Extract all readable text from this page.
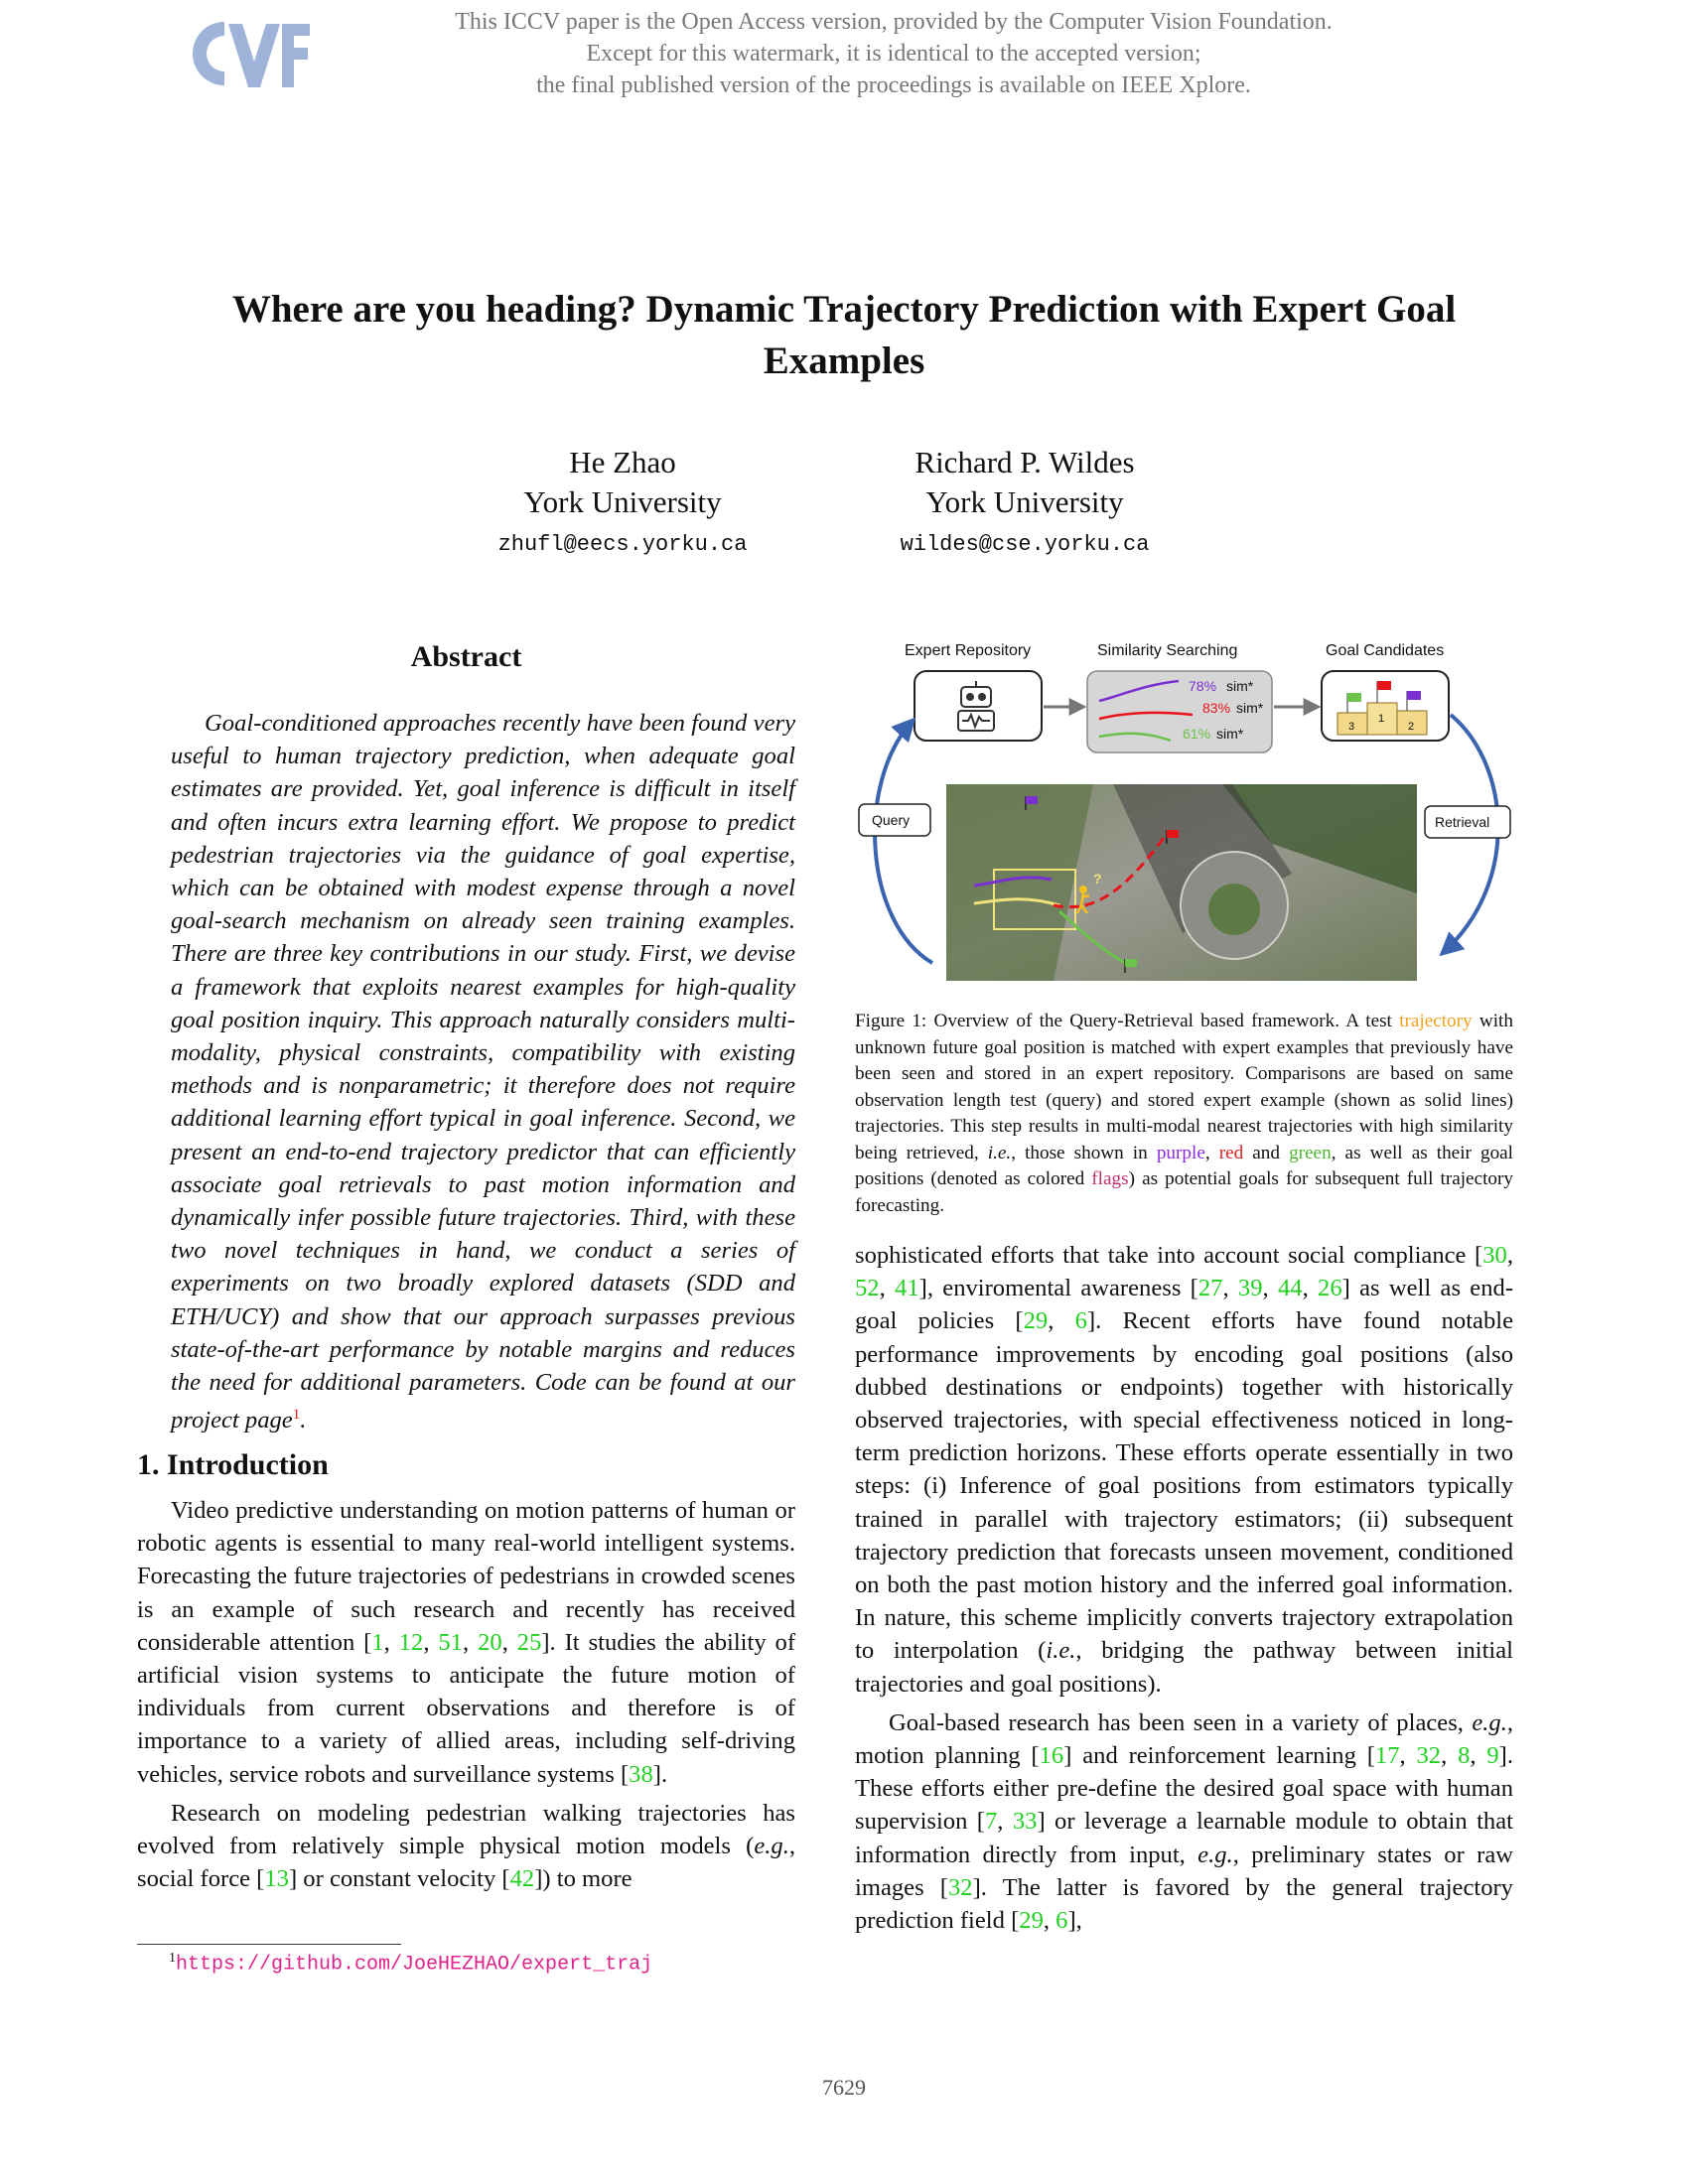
This ICCV paper is the Open Access version, provided by the Computer Vision Foundation.
Except for this watermark, it is identical to the accepted version;
the final published version of the proceedings is available on IEEE Xplore.
Where are you heading? Dynamic Trajectory Prediction with Expert Goal
Examples
He Zhao
York University
zhufl@eecs.yorku.ca
Richard P. Wildes
York University
wildes@cse.yorku.ca
Abstract

Goal-conditioned approaches recently have been found very useful to human trajectory prediction, when adequate goal estimates are provided. Yet, goal inference is difficult in itself and often incurs extra learning effort. We propose to predict pedestrian trajectories via the guidance of goal expertise, which can be obtained with modest expense through a novel goal-search mechanism on already seen training examples. There are three key contributions in our study. First, we devise a framework that exploits nearest examples for high-quality goal position inquiry. This approach naturally considers multi-modality, physical constraints, compatibility with existing methods and is nonparametric; it therefore does not require additional learning effort typical in goal inference. Second, we present an end-to-end trajectory predictor that can efficiently associate goal retrievals to past motion information and dynamically infer possible future trajectories. Third, with these two novel techniques in hand, we conduct a series of experiments on two broadly explored datasets (SDD and ETH/UCY) and show that our approach surpasses previous state-of-the-art performance by notable margins and reduces the need for additional parameters. Code can be found at our project page$^1$.

1. Introduction

Video predictive understanding on motion patterns of human or robotic agents is essential to many real-world intelligent systems. Forecasting the future trajectories of pedestrians in crowded scenes is an example of such research and recently has received considerable attention [1, 12, 51, 20, 25]. It studies the ability of artificial vision systems to anticipate the future motion of individuals from current observations and therefore is of importance to a variety of allied areas, including self-driving vehicles, service robots and surveillance systems [38].

Research on modeling pedestrian walking trajectories has evolved from relatively simple physical motion models (e.g., social force [13] or constant velocity [42]) to more

$^1$https://github.com/JoeHEZHAO/expert_traj
Expert Repository	Similarity Searching	Goal Candidates
78% sim*
83% sim*
61% sim*	3
1
2
Query	Retrieval
?
Figure 1: Overview of the Query-Retrieval based framework. A test trajectory with unknown future goal position is matched with expert examples that previously have been seen and stored in an expert repository. Comparisons are based on same observation length test (query) and stored expert example (shown as solid lines) trajectories. This step results in multi-modal nearest trajectories with high similarity being retrieved, i.e., those shown in purple, red and green, as well as their goal positions (denoted as colored flags) as potential goals for subsequent full trajectory forecasting.

sophisticated efforts that take into account social compliance [30, 52, 41], enviromental awareness [27, 39, 44, 26] as well as end-goal policies [29, 6]. Recent efforts have found notable performance improvements by encoding goal positions (also dubbed destinations or endpoints) together with historically observed trajectories, with special effectiveness noticed in long-term prediction horizons. These efforts operate essentially in two steps: (i) Inference of goal positions from estimators typically trained in parallel with trajectory estimators; (ii) subsequent trajectory prediction that forecasts unseen movement, conditioned on both the past motion history and the inferred goal information. In nature, this scheme implicitly converts trajectory extrapolation to interpolation (i.e., bridging the pathway between initial trajectories and goal positions).

Goal-based research has been seen in a variety of places, e.g., motion planning [16] and reinforcement learning [17, 32, 8, 9]. These efforts either pre-define the desired goal space with human supervision [7, 33] or leverage a learnable module to obtain that information directly from input, e.g., preliminary states or raw images [32]. The latter is favored by the general trajectory prediction field [29, 6],

7629
